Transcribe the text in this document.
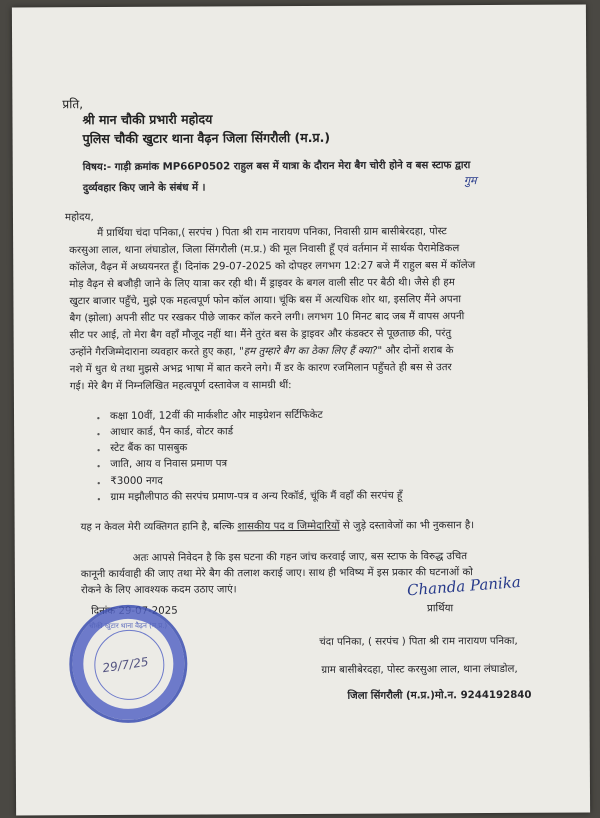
प्रति,
श्री मान चौकी प्रभारी महोदय
पुलिस चौकी खुटार थाना वैढ़न जिला सिंगरौली (म.प्र.)
विषय:- गाड़ी क्रमांक MP66P0502 राहुल बस में यात्रा के दौरान मेरा बैग चोरी होने व बस स्टाफ द्वारा
गुम
दुर्व्यवहार किए जाने के संबंध में ।
महोदय,
मैं प्रार्थिया चंदा पनिका,( सरपंच ) पिता श्री राम नारायण पनिका, निवासी ग्राम बासीबेरदहा, पोस्ट
करसुआ लाल, थाना लंघाडोल, जिला सिंगरौली (म.प्र.) की मूल निवासी हूँ एवं वर्तमान में सार्थक पैरामेडिकल
कॉलेज, वैढ़न में अध्ययनरत हूँ। दिनांक 29-07-2025 को दोपहर लगभग 12:27 बजे मैं राहुल बस में कॉलेज
मोड़ वैढ़न से बजौड़ी जाने के लिए यात्रा कर रही थी। मैं ड्राइवर के बगल वाली सीट पर बैठी थी। जैसे ही हम
खुटार बाजार पहुँचे, मुझे एक महत्वपूर्ण फोन कॉल आया। चूंकि बस में अत्यधिक शोर था, इसलिए मैंने अपना
बैग (झोला) अपनी सीट पर रखकर पीछे जाकर कॉल करने लगी। लगभग 10 मिनट बाद जब मैं वापस अपनी
सीट पर आई, तो मेरा बैग वहाँ मौजूद नहीं था। मैंने तुरंत बस के ड्राइवर और कंडक्टर से पूछताछ की, परंतु
उन्होंने गैरजिम्मेदाराना व्यवहार करते हुए कहा, "हम तुम्हारे बैग का ठेका लिए हैं क्या?" और दोनों शराब के
नशे में धुत थे तथा मुझसे अभद्र भाषा में बात करने लगे। मैं डर के कारण रजमिलान पहुँचते ही बस से उतर
गई। मेरे बैग में निम्नलिखित महत्वपूर्ण दस्तावेज व सामग्री थीं:
• कक्षा 10वीं, 12वीं की मार्कशीट और माइग्रेशन सर्टिफिकेट
• आधार कार्ड, पैन कार्ड, वोटर कार्ड
• स्टेट बैंक का पासबुक
• जाति, आय व निवास प्रमाण पत्र
• ₹3000 नगद
• ग्राम मझौलीपाठ की सरपंच प्रमाण-पत्र व अन्य रिकॉर्ड, चूंकि मैं वहाँ की सरपंच हूँ
यह न केवल मेरी व्यक्तिगत हानि है, बल्कि शासकीय पद व जिम्मेदारियों से जुड़े दस्तावेजों का भी नुकसान है।
अतः आपसे निवेदन है कि इस घटना की गहन जांच करवाई जाए, बस स्टाफ के विरुद्ध उचित
कानूनी कार्यवाही की जाए तथा मेरे बैग की तलाश कराई जाए। साथ ही भविष्य में इस प्रकार की घटनाओं को
रोकने के लिए आवश्यक कदम उठाए जाएं।
दिनांक 29-07-2025
Chanda Panika
प्रार्थिया
चंदा पनिका, ( सरपंच ) पिता श्री राम नारायण पनिका,
ग्राम बासीबेरदहा, पोस्ट करसुआ लाल, थाना लंघाडोल,
जिला सिंगरौली (म.प्र.)मो.न. 9244192840
चौकी खुटार थाना वैढ़न (म.प्र.)
29/7/25
